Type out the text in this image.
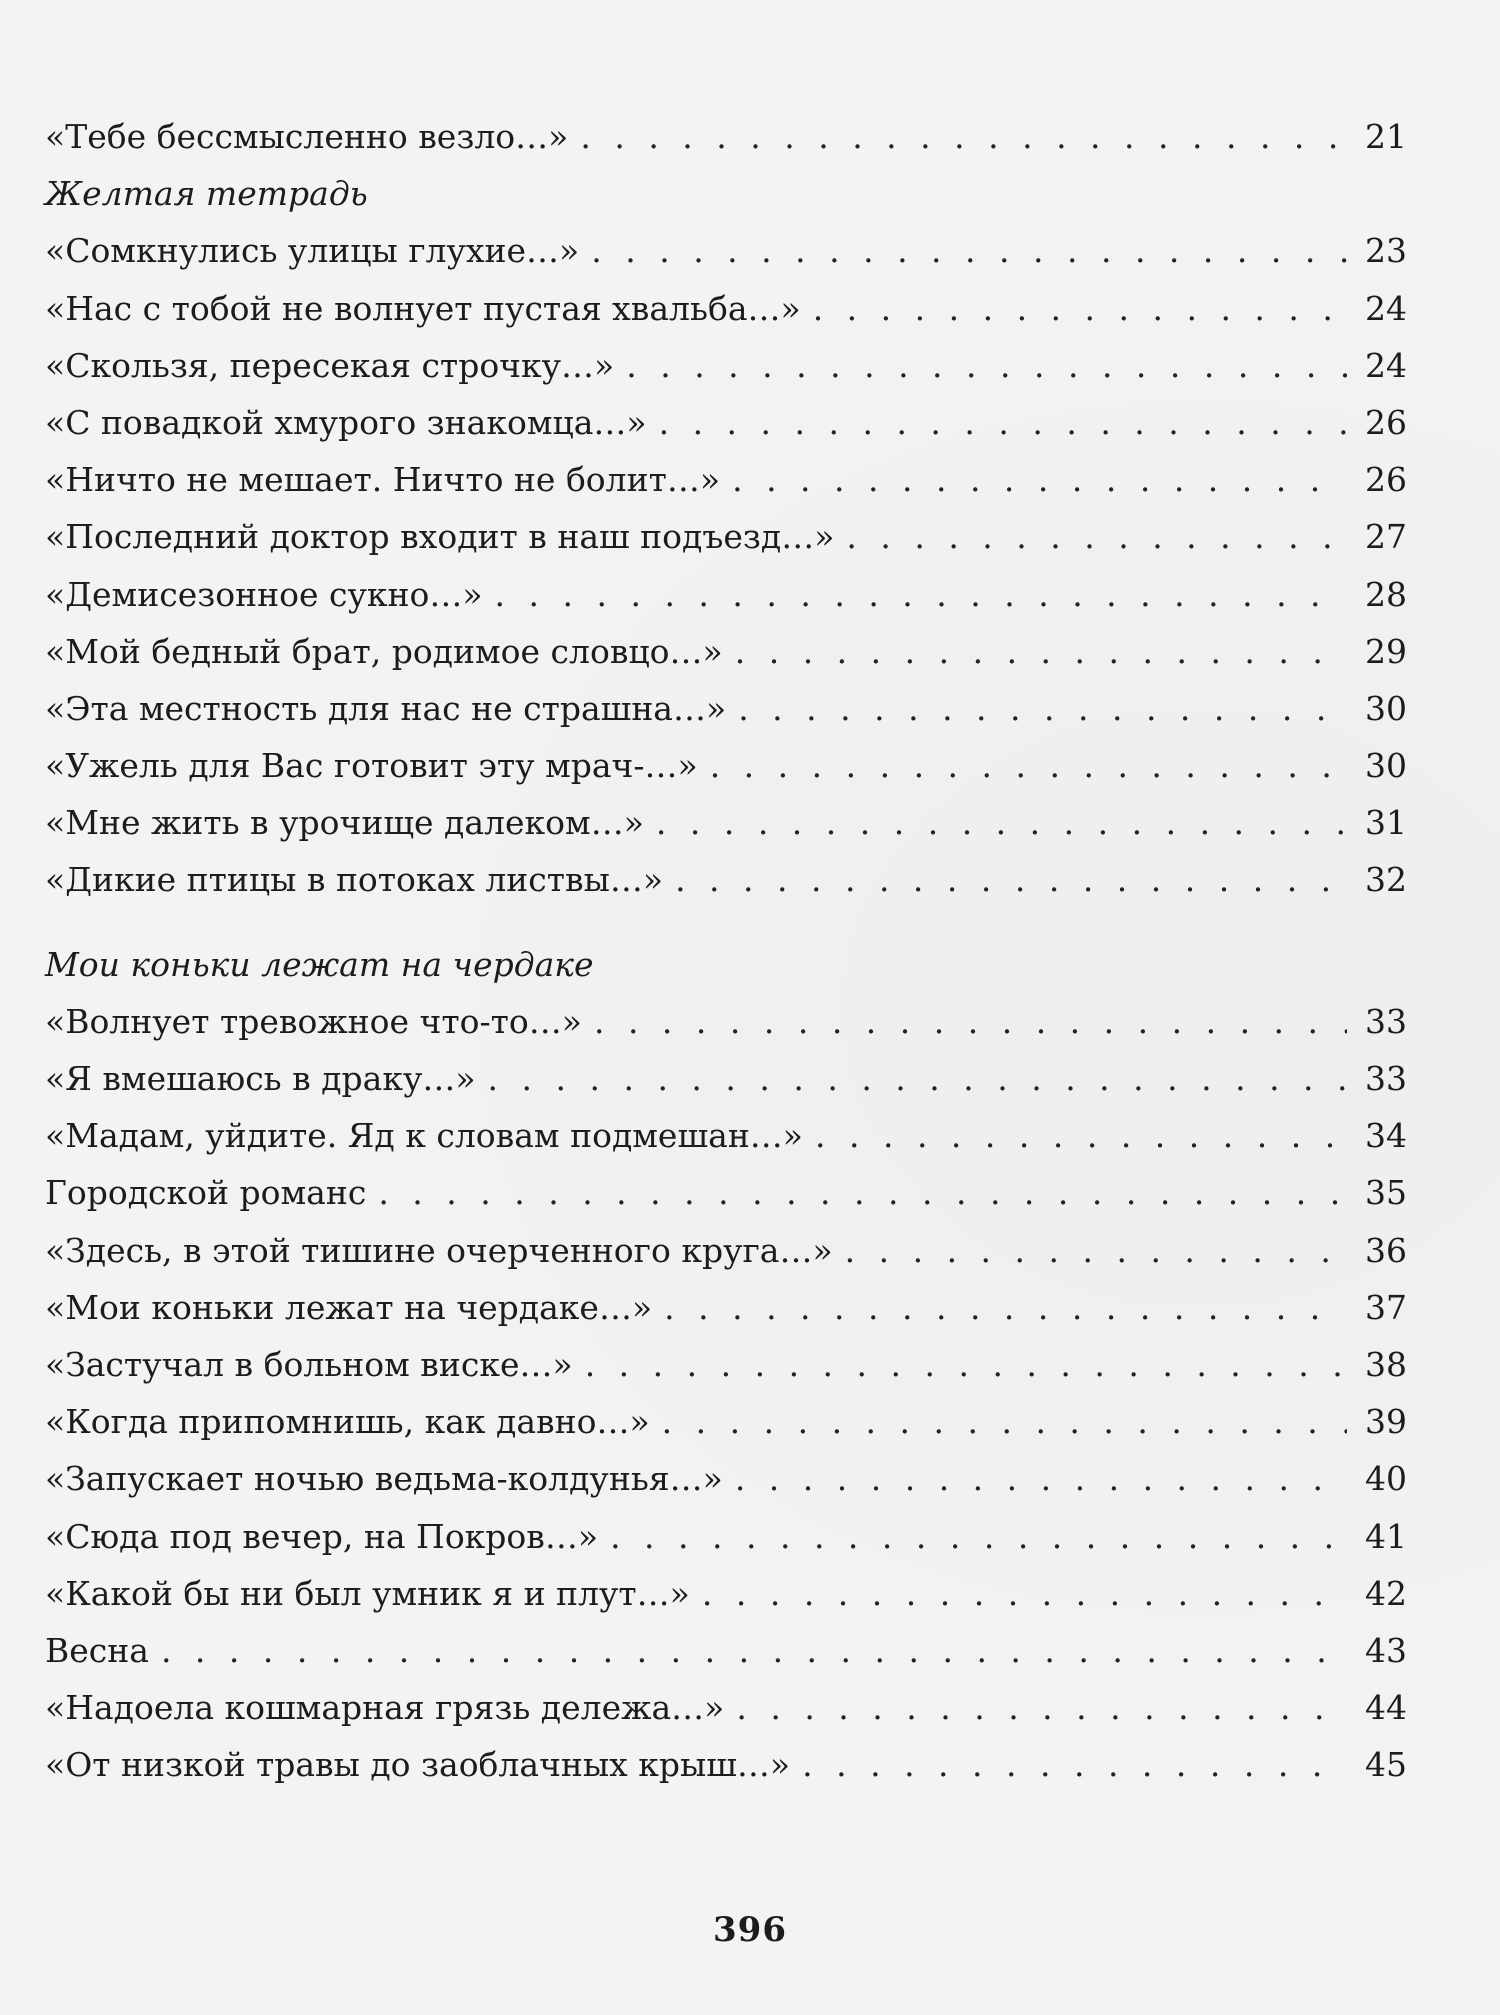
«Тебе бессмысленно везло…» . . .	21
Желтая тетрадь
«Сомкнулись улицы глухие…» . . .	23
«Нас с тобой не волнует пустая хвальба…» . . .	24
«Скользя, пересекая строчку…» . . .	24
«С повадкой хмурого знакомца…» . . .	26
«Ничто не мешает. Ничто не болит…» . . .	26
«Последний доктор входит в наш подъезд…» . . .	27
«Демисезонное сукно…» . . .	28
«Мой бедный брат, родимое словцо…» . . .	29
«Эта местность для нас не страшна…» . . .	30
«Ужель для Вас готовит эту мрач-…» . . .	30
«Мне жить в урочище далеком…» . . .	31
«Дикие птицы в потоках листвы…» . . .	32
Мои коньки лежат на чердаке
«Волнует тревожное что-то…» . . .	33
«Я вмешаюсь в драку…» . . .	33
«Мадам, уйдите. Яд к словам подмешан…» . . .	34
Городской романс . . .	35
«Здесь, в этой тишине очерченного круга…» . . .	36
«Мои коньки лежат на чердаке…» . . .	37
«Застучал в больном виске…» . . .	38
«Когда припомнишь, как давно…» . . .	39
«Запускает ночью ведьма-колдунья…» . . .	40
«Сюда под вечер, на Покров…» . . .	41
«Какой бы ни был умник я и плут…» . . .	42
Весна . . .	43
«Надоела кошмарная грязь дележа…» . . .	44
«От низкой травы до заоблачных крыш…» . . .	45
396
